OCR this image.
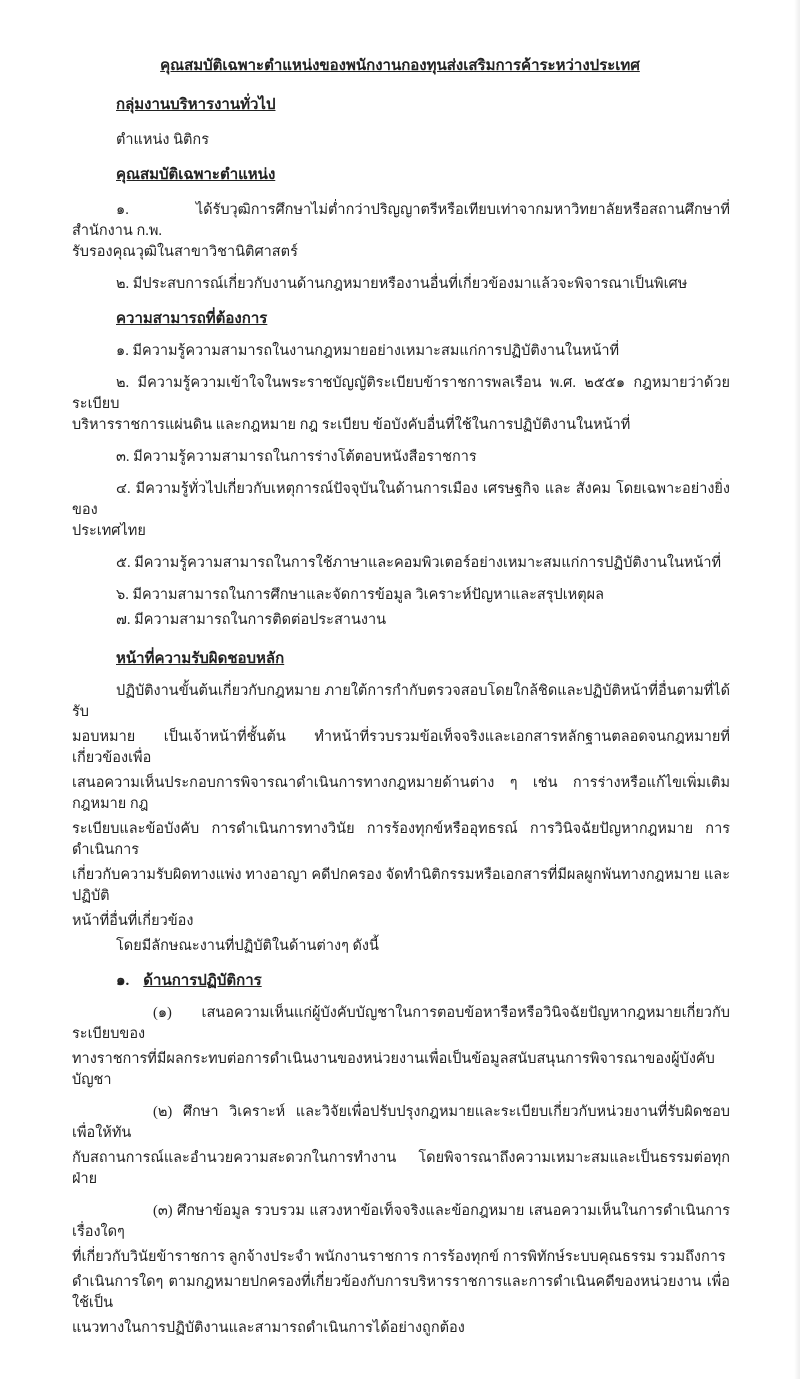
คุณสมบัติเฉพาะตำแหน่งของพนักงานกองทุนส่งเสริมการค้าระหว่างประเทศ
กลุ่มงานบริหารงานทั่วไป
ตำแหน่ง นิติกร
คุณสมบัติเฉพาะตำแหน่ง
๑. ได้รับวุฒิการศึกษาไม่ต่ำกว่าปริญญาตรีหรือเทียบเท่าจากมหาวิทยาลัยหรือสถานศึกษาที่ สำนักงาน ก.พ.
รับรองคุณวุฒิในสาขาวิชานิติศาสตร์
๒. มีประสบการณ์เกี่ยวกับงานด้านกฎหมายหรืองานอื่นที่เกี่ยวข้องมาแล้วจะพิจารณาเป็นพิเศษ
ความสามารถที่ต้องการ
๑. มีความรู้ความสามารถในงานกฎหมายอย่างเหมาะสมแก่การปฏิบัติงานในหน้าที่
๒. มีความรู้ความเข้าใจในพระราชบัญญัติระเบียบข้าราชการพลเรือน พ.ศ. ๒๕๕๑ กฎหมายว่าด้วยระเบียบ
บริหารราชการแผ่นดิน และกฎหมาย กฎ ระเบียบ ข้อบังคับอื่นที่ใช้ในการปฏิบัติงานในหน้าที่
๓. มีความรู้ความสามารถในการร่างโต้ตอบหนังสือราชการ
๔. มีความรู้ทั่วไปเกี่ยวกับเหตุการณ์ปัจจุบันในด้านการเมือง เศรษฐกิจ และ สังคม โดยเฉพาะอย่างยิ่งของ
ประเทศไทย
๕. มีความรู้ความสามารถในการใช้ภาษาและคอมพิวเตอร์อย่างเหมาะสมแก่การปฏิบัติงานในหน้าที่
๖. มีความสามารถในการศึกษาและจัดการข้อมูล วิเคราะห์ปัญหาและสรุปเหตุผล
๗. มีความสามารถในการติดต่อประสานงาน
หน้าที่ความรับผิดชอบหลัก
ปฏิบัติงานขั้นต้นเกี่ยวกับกฎหมาย ภายใต้การกำกับตรวจสอบโดยใกล้ชิดและปฏิบัติหน้าที่อื่นตามที่ได้รับ
มอบหมาย เป็นเจ้าหน้าที่ชั้นต้น ทำหน้าที่รวบรวมข้อเท็จจริงและเอกสารหลักฐานตลอดจนกฎหมายที่เกี่ยวข้องเพื่อ
เสนอความเห็นประกอบการพิจารณาดำเนินการทางกฎหมายด้านต่าง ๆ เช่น การร่างหรือแก้ไขเพิ่มเติมกฎหมาย กฎ
ระเบียบและข้อบังคับ การดำเนินการทางวินัย การร้องทุกข์หรืออุทธรณ์ การวินิจฉัยปัญหากฎหมาย การดำเนินการ
เกี่ยวกับความรับผิดทางแพ่ง ทางอาญา คดีปกครอง จัดทำนิติกรรมหรือเอกสารที่มีผลผูกพันทางกฎหมาย และปฏิบัติ
หน้าที่อื่นที่เกี่ยวข้อง
โดยมีลักษณะงานที่ปฏิบัติในด้านต่างๆ ดังนี้
๑. ด้านการปฏิบัติการ
(๑) เสนอความเห็นแก่ผู้บังคับบัญชาในการตอบข้อหารือหรือวินิจฉัยปัญหากฎหมายเกี่ยวกับระเบียบของ
ทางราชการที่มีผลกระทบต่อการดำเนินงานของหน่วยงานเพื่อเป็นข้อมูลสนับสนุนการพิจารณาของผู้บังคับบัญชา
(๒) ศึกษา วิเคราะห์ และวิจัยเพื่อปรับปรุงกฎหมายและระเบียบเกี่ยวกับหน่วยงานที่รับผิดชอบ เพื่อให้ทัน
กับสถานการณ์และอำนวยความสะดวกในการทำงาน โดยพิจารณาถึงความเหมาะสมและเป็นธรรมต่อทุกฝ่าย
(๓) ศึกษาข้อมูล รวบรวม แสวงหาข้อเท็จจริงและข้อกฎหมาย เสนอความเห็นในการดำเนินการเรื่องใดๆ
ที่เกี่ยวกับวินัยข้าราชการ ลูกจ้างประจำ พนักงานราชการ การร้องทุกข์ การพิทักษ์ระบบคุณธรรม รวมถึงการ
ดำเนินการใดๆ ตามกฎหมายปกครองที่เกี่ยวข้องกับการบริหารราชการและการดำเนินคดีของหน่วยงาน เพื่อใช้เป็น
แนวทางในการปฏิบัติงานและสามารถดำเนินการได้อย่างถูกต้อง
